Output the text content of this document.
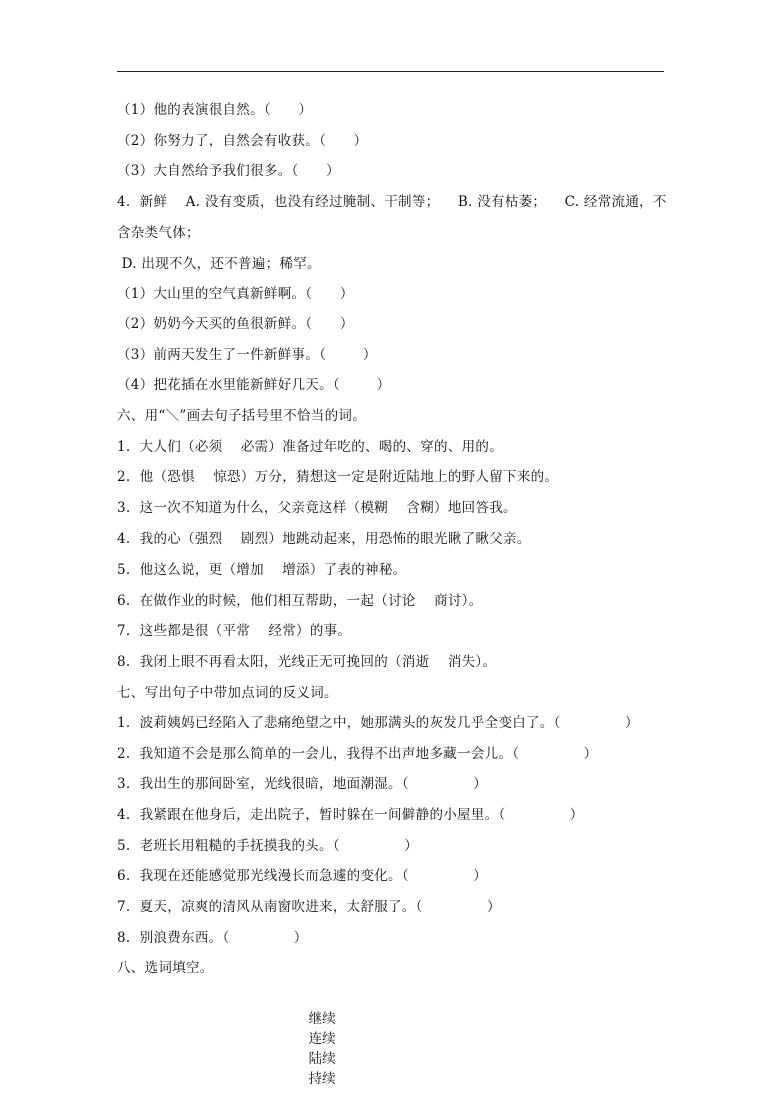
（1）他的表演很自然。（      ）
（2）你努力了，自然会有收获。（      ）
（3）大自然给予我们很多。（      ）
4.  新鲜    A. 没有变质，也没有经过腌制、干制等；    B. 没有枯萎；    C. 经常流通，不
含杂类气体；
D. 出现不久，还不普遍；稀罕。
（1）大山里的空气真新鲜啊。（      ）
（2）奶奶今天买的鱼很新鲜。（      ）
（3）前两天发生了一件新鲜事。（        ）
（4）把花插在水里能新鲜好几天。（        ）
六、用“＼”画去句子括号里不恰当的词。
1.  大人们（必须    必需）准备过年吃的、喝的、穿的、用的。
2.  他（恐惧    惊恐）万分，猜想这一定是附近陆地上的野人留下来的。
3.  这一次不知道为什么，父亲竟这样（模糊    含糊）地回答我。
4.  我的心（强烈    剧烈）地跳动起来，用恐怖的眼光瞅了瞅父亲。
5.  他这么说，更（增加    增添）了表的神秘。
6.  在做作业的时候，他们相互帮助，一起（讨论    商讨）。
7.  这些都是很（平常    经常）的事。
8.  我闭上眼不再看太阳，光线正无可挽回的（消逝    消失）。
七、写出句子中带加点词的反义词。
1.  波莉姨妈已经陷入了悲痛绝望之中，她那满头的灰发几乎全变白了。（              ）
2.  我知道不会是那么简单的一会儿，我得不出声地多藏一会儿。（              ）
3.  我出生的那间卧室，光线很暗，地面潮湿。（              ）
4.  我紧跟在他身后，走出院子，暂时躲在一间僻静的小屋里。（              ）
5.  老班长用粗糙的手抚摸我的头。（              ）
6.  我现在还能感觉那光线漫长而急遽的变化。（              ）
7.  夏天，凉爽的清风从南窗吹进来，太舒服了。（              ）
8.  别浪费东西。（              ）
八、选词填空。

继续
连续
陆续
持续
